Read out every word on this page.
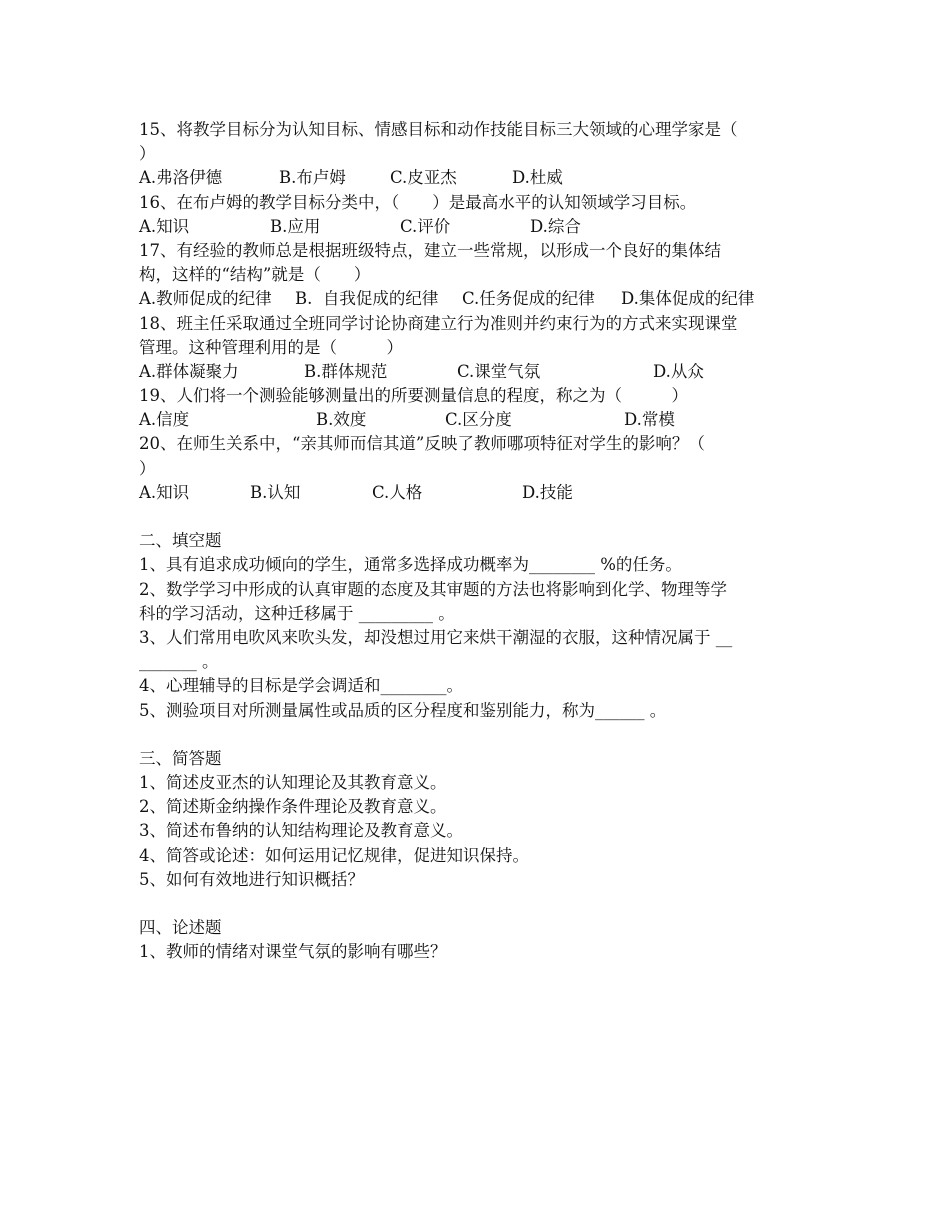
15、将教学目标分为认知目标、情感目标和动作技能目标三大领域的心理学家是（
）

A.弗洛伊德

	B.布卢姆

	C.皮亚杰

	D.杜威

16、在布卢姆的教学目标分类中，（　　）是最高水平的认知领域学习目标。

A.知识

	B.应用

	C.评价

	D.综合

17、有经验的教师总是根据班级特点，建立一些常规，以形成一个良好的集体结
构，这样的“结构”就是（　　）

A.教师促成的纪律

B.  自我促成的纪律

C.任务促成的纪律

D.集体促成的纪律

18、班主任采取通过全班同学讨论协商建立行为准则并约束行为的方式来实现课堂
管理。这种管理利用的是（　　　）

A.群体凝聚力

	B.群体规范

	C.课堂气氛

	D.从众

19、人们将一个测验能够测量出的所要测量信息的程度，称之为（　　　）

A.信度

	B.效度

	C.区分度

	D.常模

20、在师生关系中，“亲其师而信其道”反映了教师哪项特征对学生的影响？（
）

A.知识

	B.认知

	C.人格

	D.技能

二、填空题
1、具有追求成功倾向的学生，通常多选择成功概率为________ %的任务。
2、数学学习中形成的认真审题的态度及其审题的方法也将影响到化学、物理等学
科的学习活动，这种迁移属于 _________ 。
3、人们常用电吹风来吹头发，却没想过用它来烘干潮湿的衣服，这种情况属于 __
_______ 。
4、心理辅导的目标是学会调适和________。
5、测验项目对所测量属性或品质的区分程度和鉴别能力，称为______ 。
三、简答题
1、简述皮亚杰的认知理论及其教育意义。
2、简述斯金纳操作条件理论及教育意义。
3、简述布鲁纳的认知结构理论及教育意义。
4、简答或论述：如何运用记忆规律，促进知识保持。
5、如何有效地进行知识概括？
四、论述题
1、教师的情绪对课堂气氛的影响有哪些？
